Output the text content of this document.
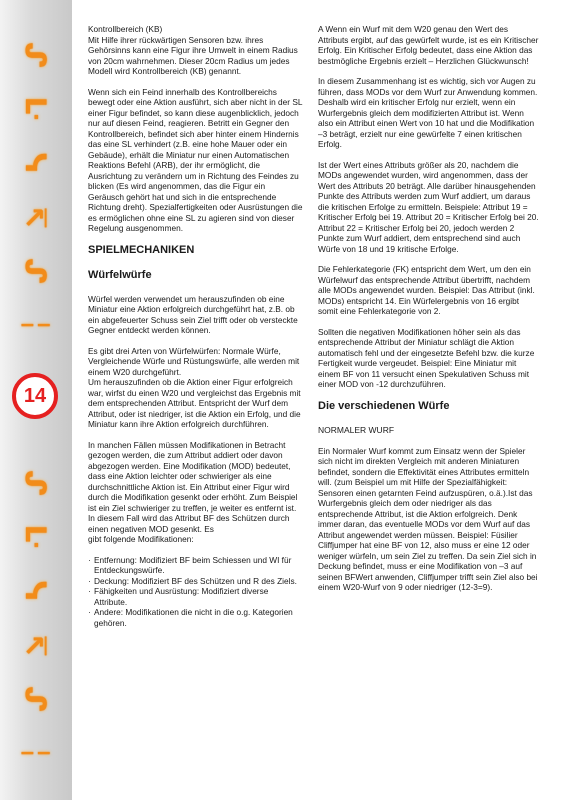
ᔑ
ᒷ
ᓭ
↸
ᔑ
╎
14
ᔑ
ᒷ
ᓭ
↸
ᔑ
╎

Kontrollbereich (KB)
Mit Hilfe ihrer rückwärtigen Sensoren bzw. ihres Gehörsinns kann eine Figur ihre Umwelt in einem Radius von 20cm wahrnehmen. Dieser 20cm Radius um jedes Modell wird Kontrollbereich (KB) genannt.

Wenn sich ein Feind innerhalb des Kontrollbereichs bewegt oder eine Aktion ausführt, sich aber nicht in der SL einer Figur befindet, so kann diese augenblicklich, jedoch nur auf diesen Feind, reagieren. Betritt ein Gegner den Kontrollbereich, befindet sich aber hinter einem Hindernis das eine SL verhindert (z.B. eine hohe Mauer oder ein Gebäude), erhält die Miniatur nur einen Automatischen Reaktions Befehl (ARB), der ihr ermöglicht, die Ausrichtung zu verändern um in Richtung des Feindes zu blicken (Es wird angenommen, das die Figur ein Geräusch gehört hat und sich in die entsprechende Richtung dreht). Spezialfertigkeiten oder Ausrüstungen die es ermöglichen ohne eine SL zu agieren sind von dieser Regelung ausgenommen.

SPIELMECHANIKEN
Würfelwürfe

Würfel werden verwendet um herauszufinden ob eine Miniatur eine Aktion erfolgreich durchgeführt hat, z.B. ob ein abgefeuerter Schuss sein Ziel trifft oder ob versteckte Gegner entdeckt werden können.

Es gibt drei Arten von Würfelwürfen: Normale Würfe, Vergleichende Würfe und Rüstungswürfe, alle werden mit einem W20 durchgeführt.
Um herauszufinden ob die Aktion einer Figur erfolgreich war, wirfst du einen W20 und vergleichst das Ergebnis mit dem entsprechenden Attribut. Entspricht der Wurf dem Attribut, oder ist niedriger, ist die Aktion ein Erfolg, und die Miniatur kann ihre Aktion erfolgreich durchführen.

In manchen Fällen müssen Modifikationen in Betracht gezogen werden, die zum Attribut addiert oder davon abgezogen werden. Eine Modifikation (MOD) bedeutet, dass eine Aktion leichter oder schwieriger als eine durchschnittliche Aktion ist. Ein Attribut einer Figur wird durch die Modifikation gesenkt oder erhöht. Zum Beispiel ist ein Ziel schwieriger zu treffen, je weiter es entfernt ist. In diesem Fall wird das Attribut BF des Schützen durch einen negativen MOD gesenkt. Es
gibt folgende Modifikationen:

· Entfernung: Modifiziert BF beim Schiessen und WI für Entdeckungswürfe.
· Deckung: Modifiziert BF des Schützen und R des Ziels.
· Fähigkeiten und Ausrüstung: Modifiziert diverse Attribute.
· Andere: Modifikationen die nicht in die o.g. Kategorien gehören.

A Wenn ein Wurf mit dem W20 genau den Wert des Attributs ergibt, auf das gewürfelt wurde, ist es ein Kritischer Erfolg. Ein Kritischer Erfolg bedeutet, dass eine Aktion das bestmögliche Ergebnis erzielt – Herzlichen Glückwunsch!

In diesem Zusammenhang ist es wichtig, sich vor Augen zu führen, dass MODs vor dem Wurf zur Anwendung kommen. Deshalb wird ein kritischer Erfolg nur erzielt, wenn ein Wurfergebnis gleich dem modifizierten Attribut ist. Wenn also ein Attribut einen Wert von 10 hat und die Modifikation –3 beträgt, erzielt nur eine gewürfelte 7 einen kritischen Erfolg.

Ist der Wert eines Attributs größer als 20, nachdem die MODs angewendet wurden, wird angenommen, dass der Wert des Attributs 20 beträgt. Alle darüber hinausgehenden Punkte des Attributs werden zum Wurf addiert, um daraus die kritischen Erfolge zu ermitteln. Beispiele: Attribut 19 = Kritischer Erfolg bei 19. Attribut 20 = Kritischer Erfolg bei 20. Attribut 22 = Kritischer Erfolg bei 20, jedoch werden 2 Punkte zum Wurf addiert, dem entsprechend sind auch Würfe von 18 und 19 kritische Erfolge.

Die Fehlerkategorie (FK) entspricht dem Wert, um den ein Würfelwurf das entsprechende Attribut übertrifft, nachdem alle MODs angewendet wurden. Beispiel: Das Attribut (inkl. MODs) entspricht 14. Ein Würfelergebnis von 16 ergibt somit eine Fehlerkategorie von 2.

Sollten die negativen Modifikationen höher sein als das entsprechende Attribut der Miniatur schlägt die Aktion automatisch fehl und der eingesetzte Befehl bzw. die kurze Fertigkeit wurde vergeudet. Beispiel: Eine Miniatur mit einem BF von 11 versucht einen Spekulativen Schuss mit einer MOD von -12 durchzuführen.

Die verschiedenen Würfe
NORMALER WURF

Ein Normaler Wurf kommt zum Einsatz wenn der Spieler sich nicht im direkten Vergleich mit anderen Miniaturen befindet, sondern die Effektivität eines Attributes ermitteln will. (zum Beispiel um mit Hilfe der Spezialfähigkeit: Sensoren einen getarnten Feind aufzuspüren, o.ä.).Ist das Wurfergebnis gleich dem oder niedriger als das entsprechende Attribut, ist die Aktion erfolgreich. Denk immer daran, das eventuelle MODs vor dem Wurf auf das Attribut angewendet werden müssen. Beispiel: Füsilier Cliffjumper hat eine BF von 12, also muss er eine 12 oder weniger würfeln, um sein Ziel zu treffen. Da sein Ziel sich in Deckung befindet, muss er eine Modifikation von –3 auf seinen BFWert anwenden, Cliffjumper trifft sein Ziel also bei einem W20-Wurf von 9 oder niedriger (12-3=9).
